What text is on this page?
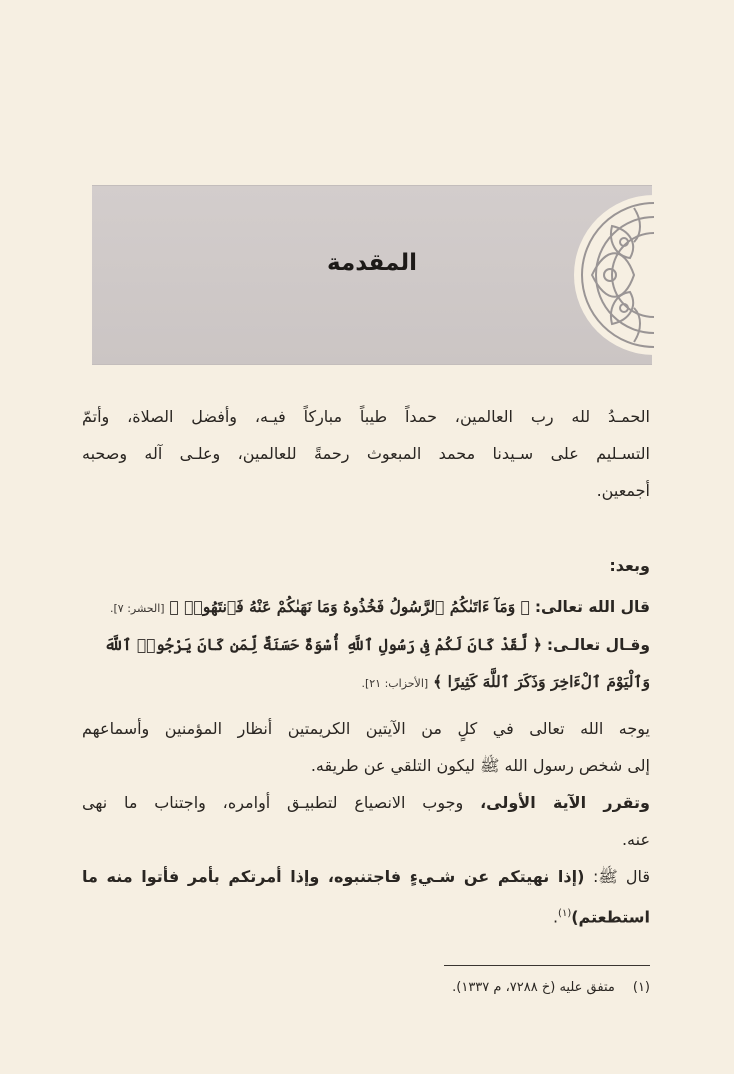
المقدمة

الحمـدُ لله رب العالمين، حمداً طيباً مباركاً فيـه، وأفضل الصلاة، وأتمّ
التسـليم على سـيدنا محمد المبعوث رحمةً للعالمين، وعلـى آله وصحبه
أجمعين.

وبعد:
قال الله تعالى: ﴿ وَمَآ ءَاتَىٰكُمُ ٱلرَّسُولُ فَخُذُوهُ وَمَا نَهَىٰكُمْ عَنْهُ فَٱنتَهُوا۟ ﴾ [الحشر: ٧].
وقـال تعالـى: ﴿ لَّقَدْ كَانَ لَكُمْ فِى رَسُولِ ٱللَّهِ أُسْوَةٌ حَسَنَةٌ لِّمَن كَانَ يَرْجُوا۟ ٱللَّهَ
وَٱلْيَوْمَ ٱلْءَاخِرَ وَذَكَرَ ٱللَّهَ كَثِيرًا ﴾ [الأحزاب: ٢١].

يوجه الله تعالى في كلٍ من الآيتين الكريمتين أنظار المؤمنين وأسماعهم
إلى شخص رسول الله ﷺ ليكون التلقي عن طريقه.

وتقرر الآية الأولى، وجوب الانصياع لتطبيـق أوامره، واجتناب ما نهى
عنه.

قال ﷺ: (إذا نهيتكم عن شـيءٍ فاجتنبوه، وإذا أمرتكم بأمر فأتوا منه ما
استطعتم)$^{(١)}$.

(١)متفق عليه (خ ٧٢٨٨، م ١٣٣٧).
